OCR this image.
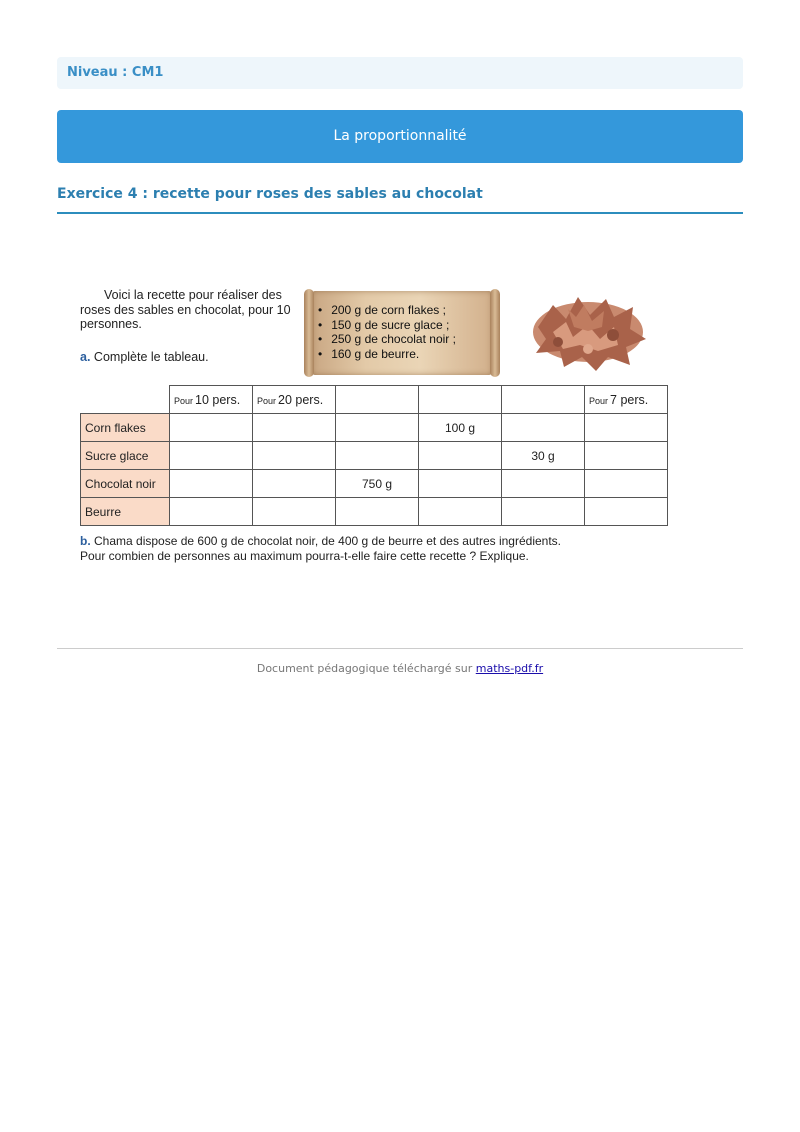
Niveau : CM1
La proportionnalité
Exercice 4 : recette pour roses des sables au chocolat
Voici la recette pour réaliser des roses des sables en chocolat, pour 10 personnes.
a. Complète le tableau.
• 200 g de corn flakes ;
• 150 g de sucre glace ;
• 250 g de chocolat noir ;
• 160 g de beurre.
	Pour 10 pers.	Pour 20 pers.				Pour 7 pers.
Corn flakes				100 g		
Sucre glace					30 g	
Chocolat noir			750 g			
Beurre						
b. Chama dispose de 600 g de chocolat noir, de 400 g de beurre et des autres ingrédients.
Pour combien de personnes au maximum pourra-t-elle faire cette recette ? Explique.
Document pédagogique téléchargé sur maths-pdf.fr
